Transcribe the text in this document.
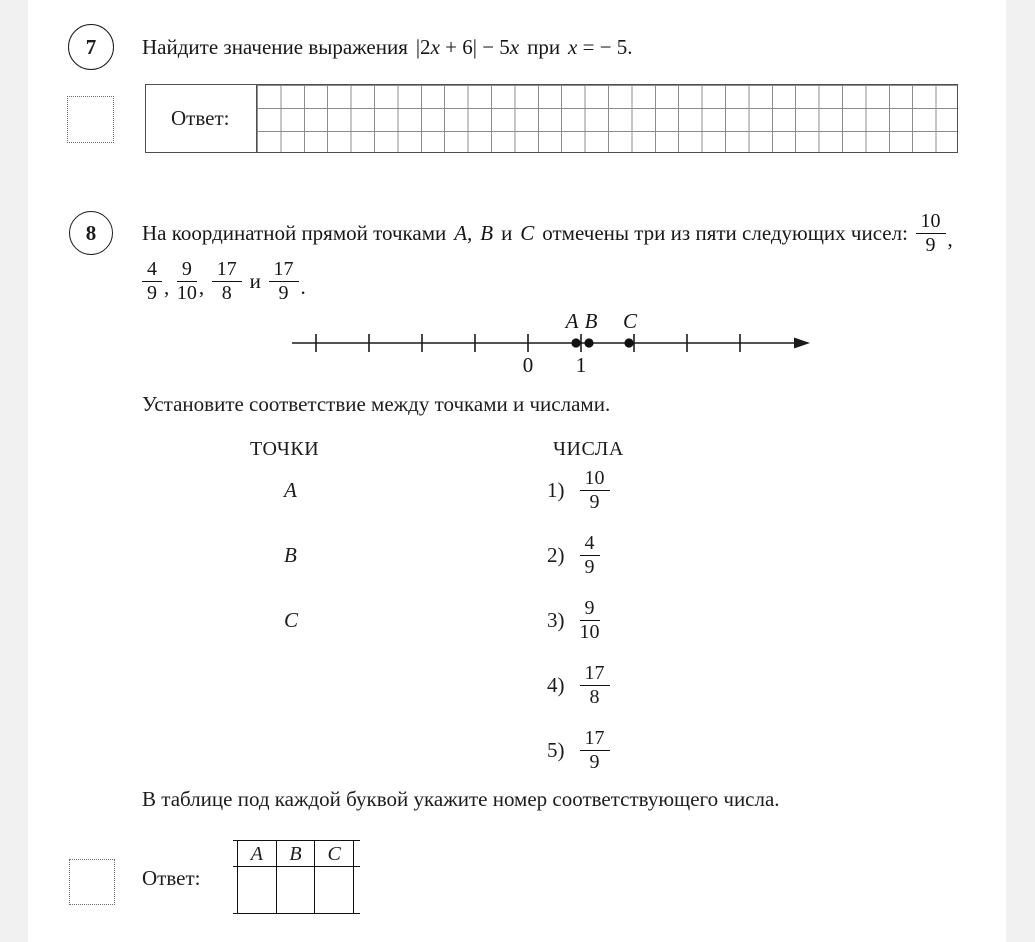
7 Найдите значение выражения |2x + 6| − 5x при x = − 5.
Ответ:
8 На координатной прямой точками A, B и C отмечены три из пяти следующих чисел: 10
9 ,
4
9 ,
9
10 ,
17
8 и 17
9 .
A B C
0 1
Установите соответствие между точками и числами.
ТОЧКИ	ЧИСЛА
A
B
C
1) 10
9
2) 4
9
3) 9
10
4) 17
8
5) 17
9
В таблице под каждой буквой укажите номер соответствующего числа.
Ответ:
A	B	C
